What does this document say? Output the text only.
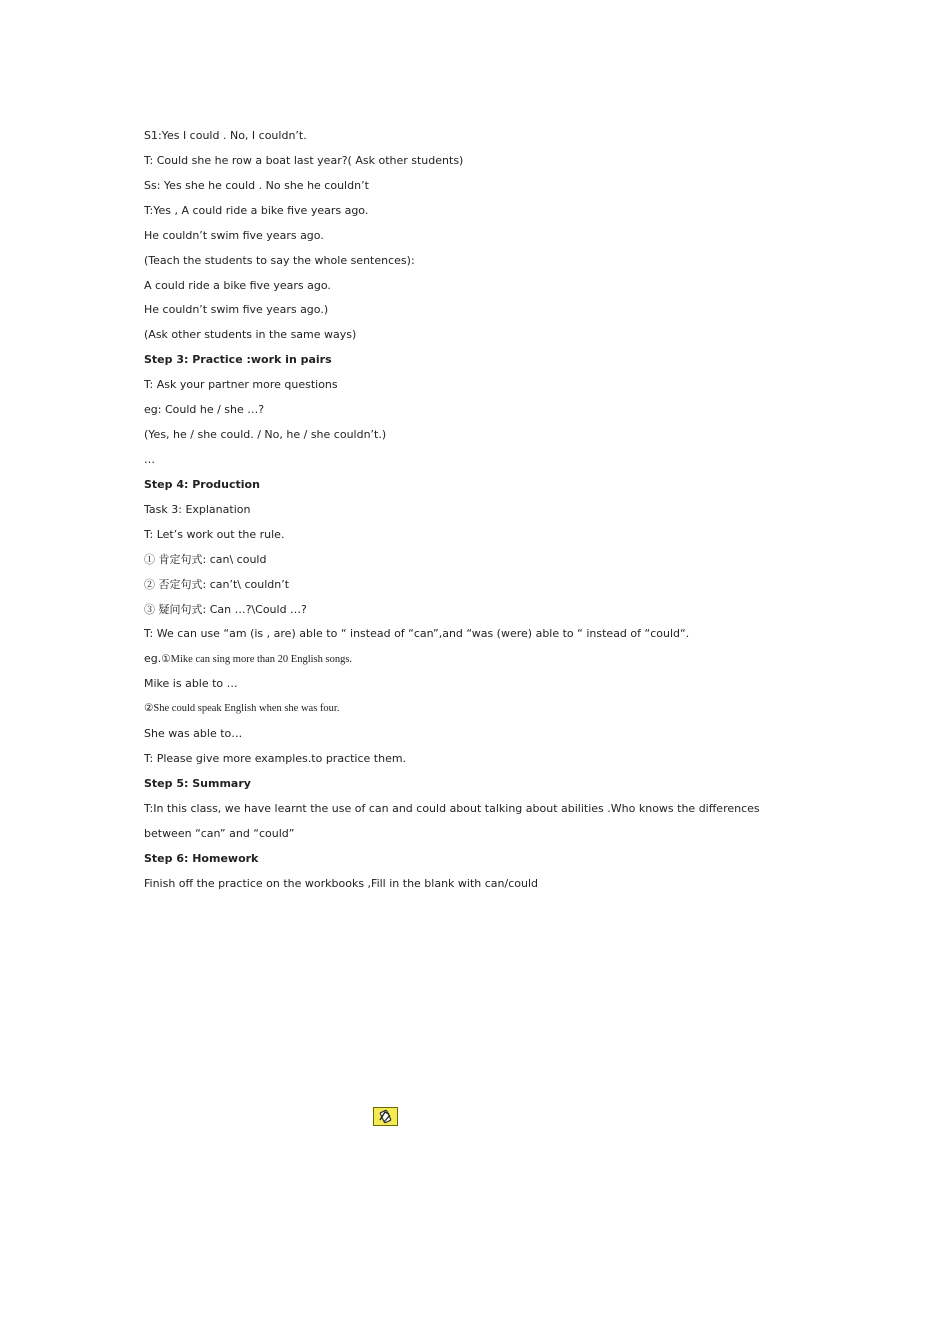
S1:Yes I could . No, I couldn’t.
T: Could she he row a boat last year?( Ask other students)
Ss: Yes she he could . No she he couldn’t
T:Yes , A could ride a bike five years ago.
He couldn’t swim five years ago.
(Teach the students to say the whole sentences):
A could ride a bike five years ago.
He couldn’t swim five years ago.)
(Ask other students in the same ways)
Step 3: Practice :work in pairs
T: Ask your partner more questions
eg: Could he / she …?
(Yes, he / she could. / No, he / she couldn’t.)
…
Step 4: Production
Task 3: Explanation
T: Let’s work out the rule.
① 肯定句式: can\ could
② 否定句式: can’t\ couldn’t
③ 疑问句式: Can …?\Could …?
T: We can use “am (is , are) able to “ instead of “can”,and “was (were) able to “ instead of “could“.
eg.①Mike can sing more than 20 English songs.
Mike is able to …
②She could speak English when she was four.
She was able to…
T: Please give more examples.to practice them.
Step 5: Summary
T:In this class, we have learnt the use of can and could about talking about abilities .Who knows the differences
between “can” and “could”
Step 6: Homework
Finish off the practice on the workbooks ,Fill in the blank with can/could
